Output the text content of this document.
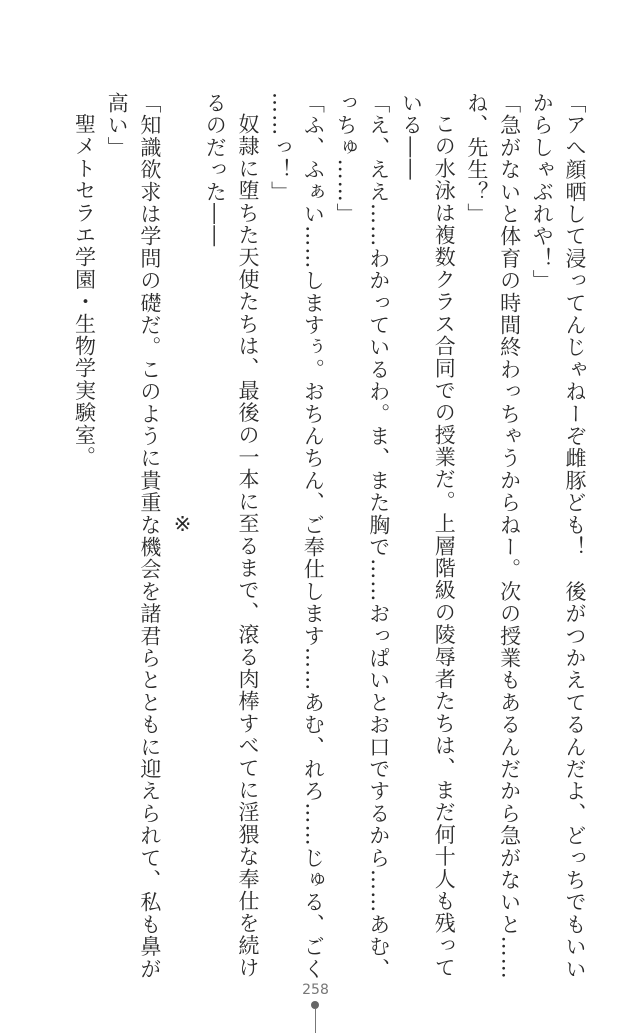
「アへ顔晒して浸ってんじゃねーぞ雌豚ども！　後がつかえてるんだよ、どっちでもいい
からしゃぶれや！」
「急がないと体育の時間終わっちゃうからねー。次の授業もあるんだから急がないと……
ね、先生？」
この水泳は複数クラス合同での授業だ。上層階級の陵辱者たちは、まだ何十人も残って
いる――
「え、ええ……わかっているわ。ま、また胸で……おっぱいとお口でするから……あむ、
っちゅ……」
「ふ、ふぁい……しますぅ。おちんちん、ご奉仕します……あむ、れろ……じゅる、ごく
……っ！」
奴隷に堕ちた天使たちは、最後の一本に至るまで、滾る肉棒すべてに淫猥な奉仕を続け
るのだった――
※
「知識欲求は学問の礎だ。このように貴重な機会を諸君らとともに迎えられて、私も鼻が
高い」
聖メトセラエ学園・生物学実験室。
258
